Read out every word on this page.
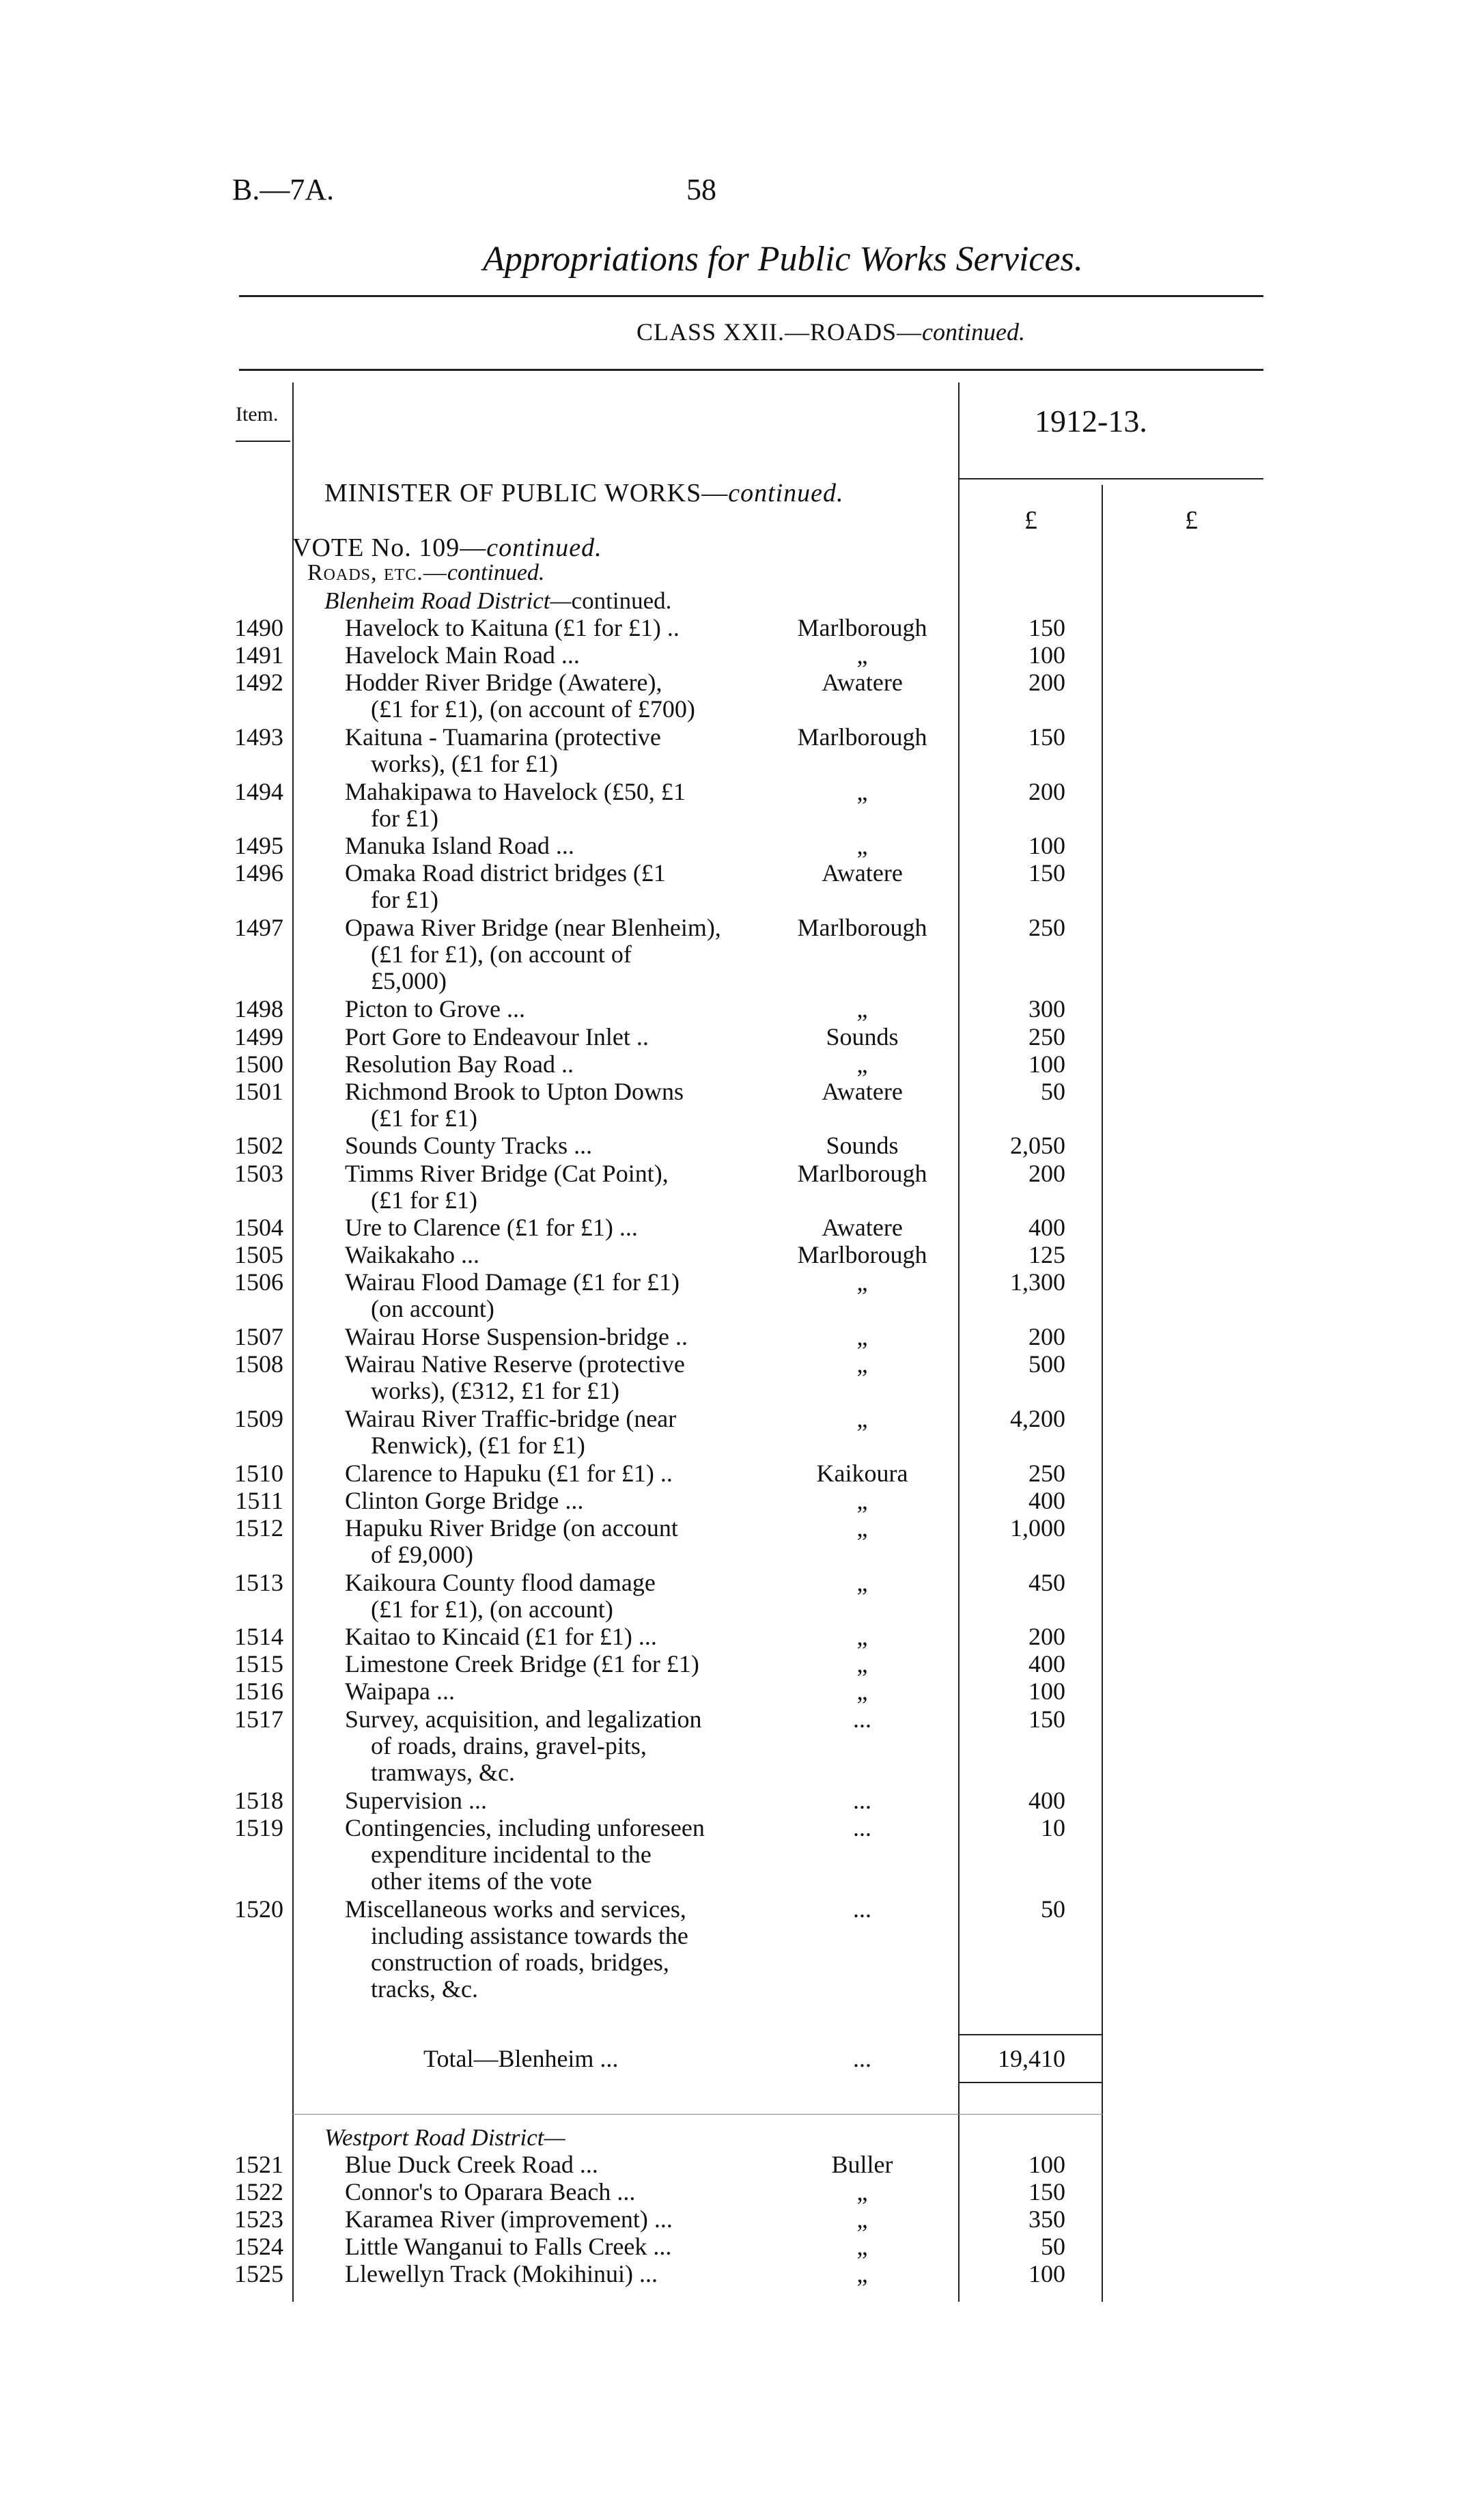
B.—7A.	58
Appropriations for Public Works Services.
CLASS XXII.—ROADS—continued.
Item.	1912-13.
£	£
MINISTER OF PUBLIC WORKS—continued.
VOTE No. 109—continued.
Roads, etc.—continued.
Blenheim Road District—continued.
1490	Havelock to Kaituna (£1 for £1) ..	Marlborough	150
1491	Havelock Main Road ...	„	100
1492	Hodder River Bridge (Awatere),
(£1 for £1), (on account of £700)
Awatere	200
1493	Kaituna - Tuamarina (protective
works), (£1 for £1)
Marlborough	150
1494	Mahakipawa to Havelock (£50, £1
for £1)
„	200
1495	Manuka Island Road ...	„	100
1496	Omaka Road district bridges (£1
for £1)
Awatere	150
1497	Opawa River Bridge (near Blenheim),
(£1 for £1), (on account of
£5,000)
Marlborough	250
1498	Picton to Grove ...	„	300
1499	Port Gore to Endeavour Inlet ..	Sounds	250
1500	Resolution Bay Road ..	„	100
1501	Richmond Brook to Upton Downs
(£1 for £1)
Awatere	50
1502	Sounds County Tracks ...	Sounds	2,050
1503	Timms River Bridge (Cat Point),
(£1 for £1)
Marlborough	200
1504	Ure to Clarence (£1 for £1) ...	Awatere	400
1505	Waikakaho ...	Marlborough	125
1506	Wairau Flood Damage (£1 for £1)
(on account)
„	1,300
1507	Wairau Horse Suspension-bridge ..	„	200
1508	Wairau Native Reserve (protective
works), (£312, £1 for £1)
„	500
1509	Wairau River Traffic-bridge (near
Renwick), (£1 for £1)
„	4,200
1510	Clarence to Hapuku (£1 for £1) ..	Kaikoura	250
1511	Clinton Gorge Bridge ...	„	400
1512	Hapuku River Bridge (on account
of £9,000)
„	1,000
1513	Kaikoura County flood damage
(£1 for £1), (on account)
„	450
1514	Kaitao to Kincaid (£1 for £1) ...	„	200
1515	Limestone Creek Bridge (£1 for £1)	„	400
1516	Waipapa ...	„	100
1517	Survey, acquisition, and legalization
of roads, drains, gravel-pits,
tramways, &c.
...	150
1518	Supervision ...	...	400
1519	Contingencies, including unforeseen
expenditure incidental to the
other items of the vote
...	10
1520	Miscellaneous works and services,
including assistance towards the
construction of roads, bridges,
tracks, &c.
...	50
Total—Blenheim ...	...	19,410
Westport Road District—
1521	Blue Duck Creek Road ...	Buller	100
1522	Connor's to Oparara Beach ...	„	150
1523	Karamea River (improvement) ...	„	350
1524	Little Wanganui to Falls Creek ...	„	50
1525	Llewellyn Track (Mokihinui) ...	„	100
